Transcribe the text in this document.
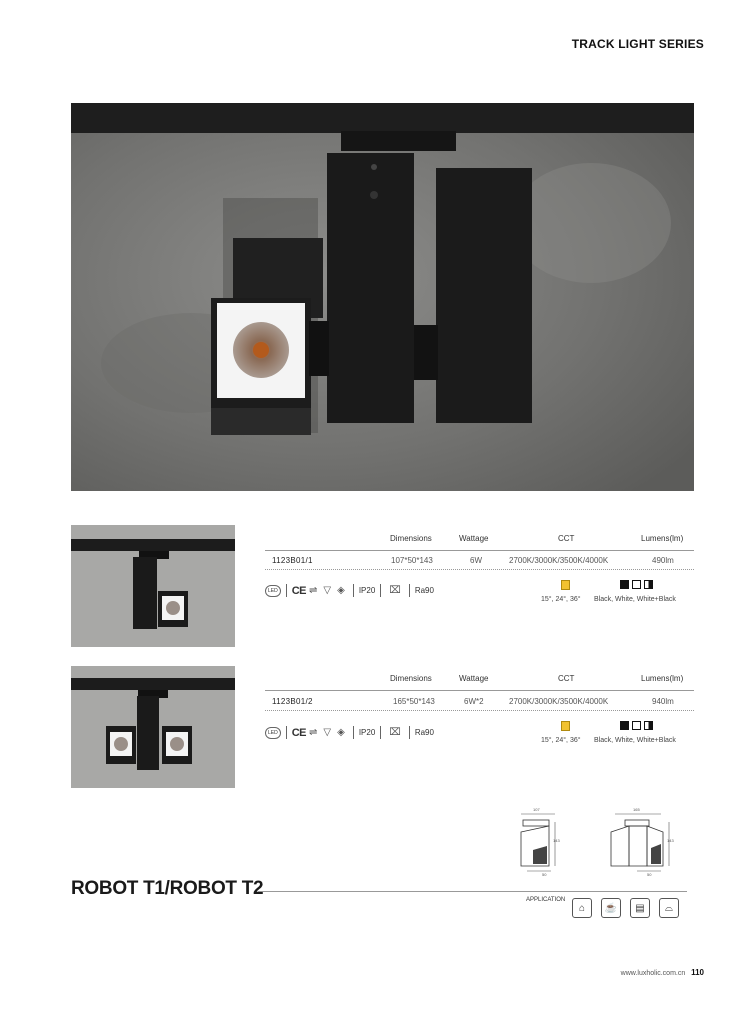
TRACK LIGHT SERIES
Dimensions	Wattage	CCT	Lumens(lm)
1123B01/1	107*50*143	6W	2700K/3000K/3500K/4000K	490lm
LED CE ⇌ ▽ ◈ IP20 ⌧ Ra90
15°, 24°, 36° Black, White, White+Black
Dimensions	Wattage	CCT	Lumens(lm)
1123B01/2	165*50*143	6W*2	2700K/3000K/3500K/4000K	940lm
LED CE ⇌ ▽ ◈ IP20 ⌧ Ra90
15°, 24°, 36° Black, White, White+Black
107
143
50
165
143
50
ROBOT T1/ROBOT T2
APPLICATION
⌂	☕	▤	⌓
www.luxholic.com.cn 110
